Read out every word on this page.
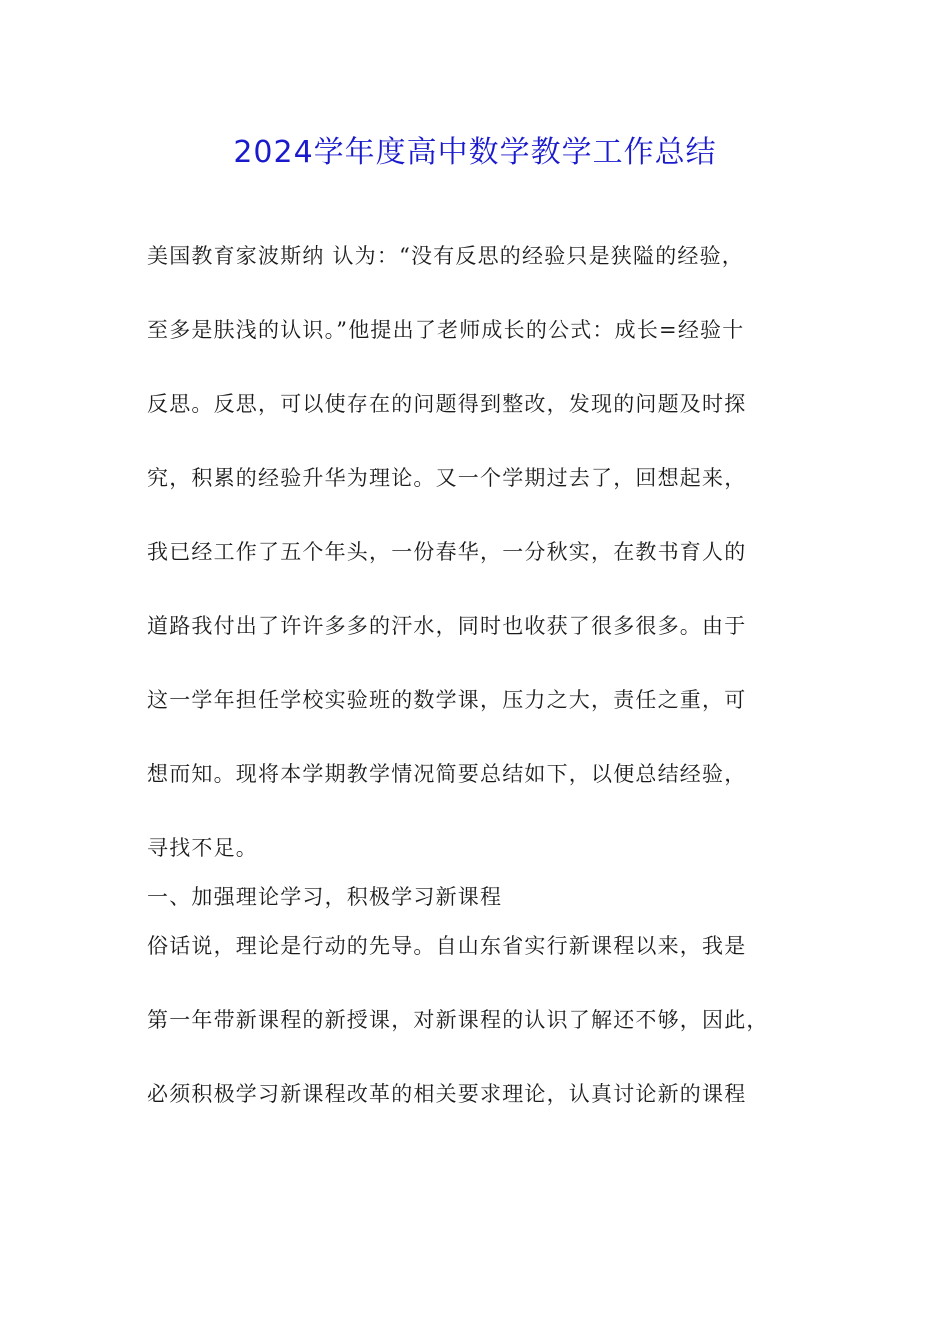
2024学年度高中数学教学工作总结
美国教育家波斯纳 认为：“没有反思的经验只是狭隘的经验，
至多是肤浅的认识。”他提出了老师成长的公式：成长=经验十
反思。反思，可以使存在的问题得到整改，发现的问题及时探
究，积累的经验升华为理论。又一个学期过去了，回想起来，
我已经工作了五个年头，一份春华，一分秋实，在教书育人的
道路我付出了许许多多的汗水，同时也收获了很多很多。由于
这一学年担任学校实验班的数学课，压力之大，责任之重，可
想而知。现将本学期教学情况简要总结如下，以便总结经验，
寻找不足。
一、加强理论学习，积极学习新课程
俗话说，理论是行动的先导。自山东省实行新课程以来，我是
第一年带新课程的新授课，对新课程的认识了解还不够，因此，
必须积极学习新课程改革的相关要求理论，认真讨论新的课程
